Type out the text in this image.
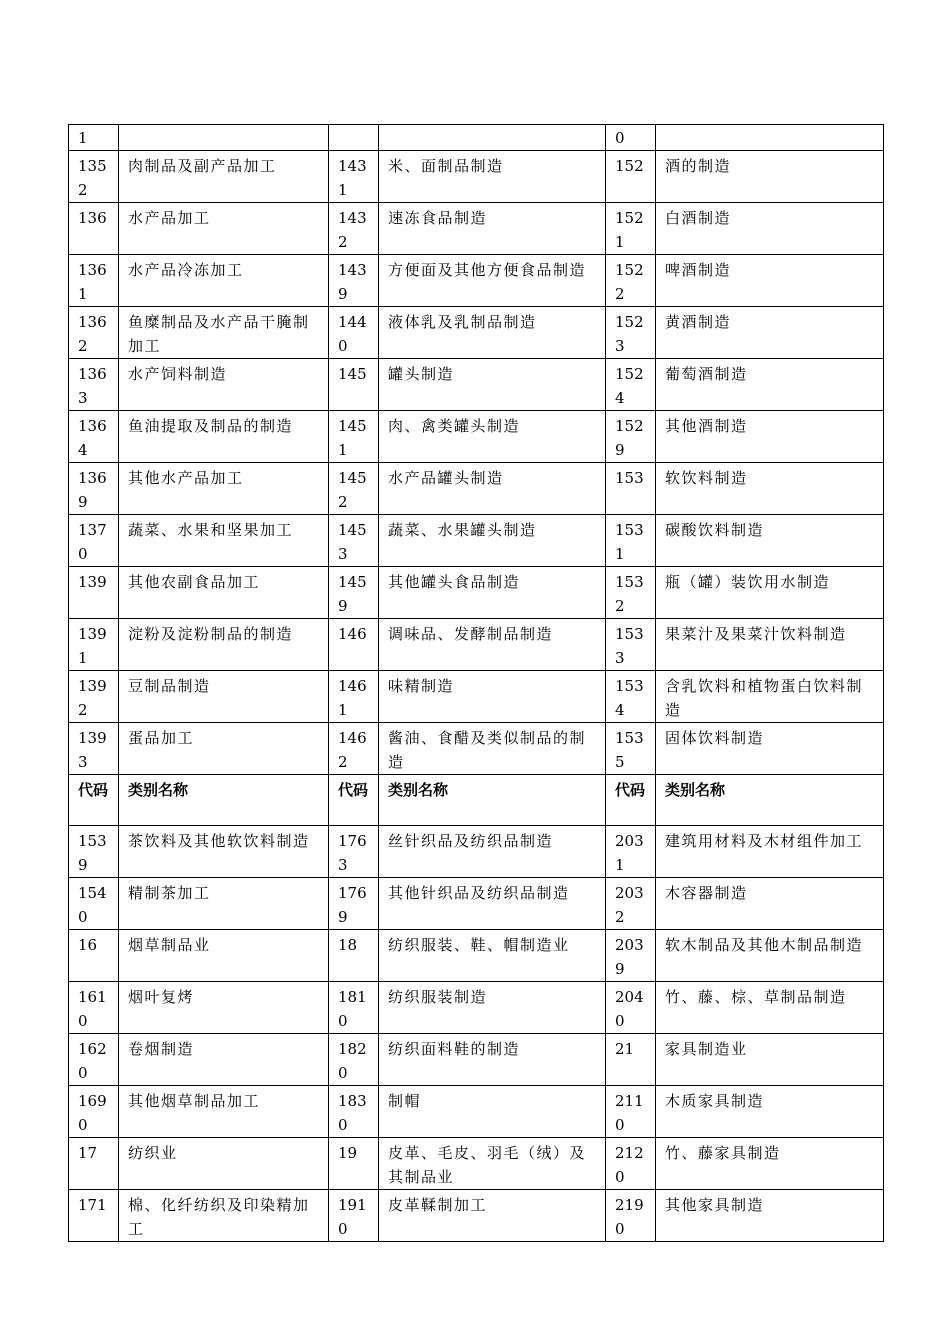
1				0	
1352	肉制品及副产品加工	1431	米、面制品制造	152	酒的制造
136	水产品加工	1432	速冻食品制造	1521	白酒制造
1361	水产品冷冻加工	1439	方便面及其他方便食品制造	1522	啤酒制造
1362	鱼糜制品及水产品干腌制加工	1440	液体乳及乳制品制造	1523	黄酒制造
1363	水产饲料制造	145	罐头制造	1524	葡萄酒制造
1364	鱼油提取及制品的制造	1451	肉、禽类罐头制造	1529	其他酒制造
1369	其他水产品加工	1452	水产品罐头制造	153	软饮料制造
1370	蔬菜、水果和坚果加工	1453	蔬菜、水果罐头制造	1531	碳酸饮料制造
139	其他农副食品加工	1459	其他罐头食品制造	1532	瓶（罐）装饮用水制造
1391	淀粉及淀粉制品的制造	146	调味品、发酵制品制造	1533	果菜汁及果菜汁饮料制造
1392	豆制品制造	1461	味精制造	1534	含乳饮料和植物蛋白饮料制造
1393	蛋品加工	1462	酱油、食醋及类似制品的制造	1535	固体饮料制造
代码	类别名称	代码	类别名称	代码	类别名称
1539	茶饮料及其他软饮料制造	1763	丝针织品及纺织品制造	2031	建筑用材料及木材组件加工
1540	精制茶加工	1769	其他针织品及纺织品制造	2032	木容器制造
16	烟草制品业	18	纺织服装、鞋、帽制造业	2039	软木制品及其他木制品制造
1610	烟叶复烤	1810	纺织服装制造	2040	竹、藤、棕、草制品制造
1620	卷烟制造	1820	纺织面料鞋的制造	21	家具制造业
1690	其他烟草制品加工	1830	制帽	2110	木质家具制造
17	纺织业	19	皮革、毛皮、羽毛（绒）及其制品业	2120	竹、藤家具制造
171	棉、化纤纺织及印染精加工	1910	皮革鞣制加工	2190	其他家具制造
